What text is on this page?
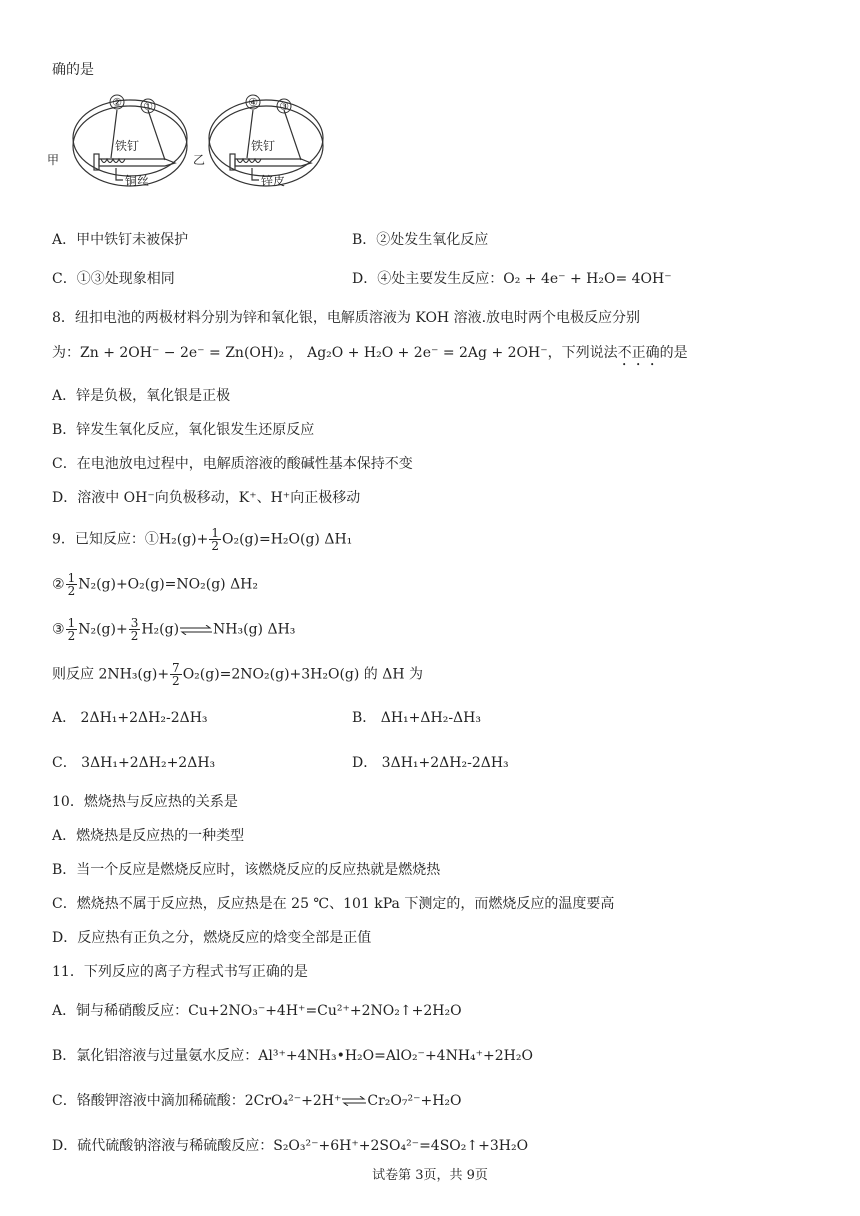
确的是
甲	乙
铁钉
铜丝
铁钉
锌皮
② ①	④ ③
A．甲中铁钉未被保护	B．②处发生氧化反应
C．①③处现象相同	D．④处主要发生反应：O₂ + 4e⁻ + H₂O= 4OH⁻
8．纽扣电池的两极材料分别为锌和氧化银，电解质溶液为 KOH 溶液.放电时两个电极反应分别
为：Zn + 2OH⁻ − 2e⁻ = Zn(OH)₂ ， Ag₂O + H₂O + 2e⁻ = 2Ag + 2OH⁻，下列说法不正确的是
A．锌是负极，氧化银是正极
B．锌发生氧化反应，氧化银发生还原反应
C．在电池放电过程中，电解质溶液的酸碱性基本保持不变
D．溶液中 OH⁻向负极移动，K⁺、H⁺向正极移动
9．已知反应：①H₂(g)+ $\frac{1}{2} O_2(g)=H_2O(g)$ ΔH₁
② $\frac{1}{2} N_2(g)+O_2(g)=NO_2(g)$ ΔH₂
③ $\frac{1}{2} N_2(g)+ \frac{3}{2}$ H₂(g)⇌NH₃(g) ΔH₃
则反应 $2NH_3(g)+ \frac{7}{2} O_2(g)=2NO_2(g)+3H_2O(g)$ 的 ΔH 为
A． 2ΔH₁+2ΔH₂-2ΔH₃	B． ΔH₁+ΔH₂-ΔH₃
C． 3ΔH₁+2ΔH₂+2ΔH₃	D． 3ΔH₁+2ΔH₂-2ΔH₃
10．燃烧热与反应热的关系是
A．燃烧热是反应热的一种类型
B．当一个反应是燃烧反应时，该燃烧反应的反应热就是燃烧热
C．燃烧热不属于反应热，反应热是在 25 ℃、101 kPa 下测定的，而燃烧反应的温度要高
D．反应热有正负之分，燃烧反应的焓变全部是正值
11．下列反应的离子方程式书写正确的是
A．铜与稀硝酸反应：Cu+2NO₃⁻+4H⁺=Cu²⁺+2NO₂↑+2H₂O
B．氯化铝溶液与过量氨水反应：Al³⁺+4NH₃•H₂O=AlO₂⁻+4NH₄⁺+2H₂O
C．铬酸钾溶液中滴加稀硫酸：2CrO₄²⁻+2H⁺⇌Cr₂O₇²⁻+H₂O
D．硫代硫酸钠溶液与稀硫酸反应：S₂O₃²⁻+6H⁺+2SO₄²⁻=4SO₂↑+3H₂O
试卷第 3页，共 9页
